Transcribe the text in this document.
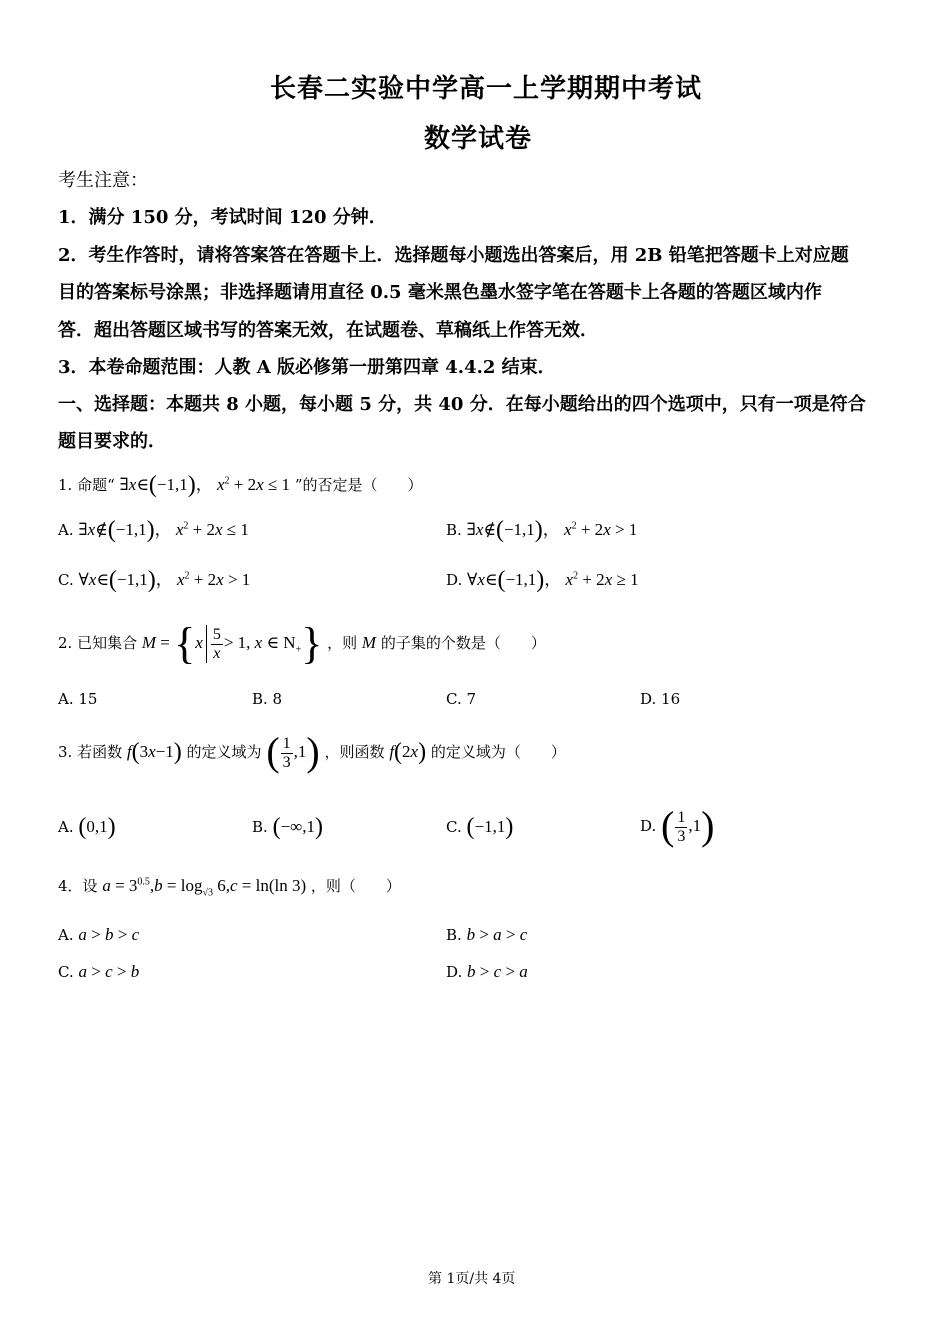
长春二实验中学高一上学期期中考试
数学试卷
考生注意：
1．满分 150 分，考试时间 120 分钟．
2．考生作答时，请将答案答在答题卡上．选择题每小题选出答案后，用 2B 铅笔把答题卡上对应题
目的答案标号涂黑；非选择题请用直径 0.5 毫米黑色墨水签字笔在答题卡上各题的答题区域内作
答．超出答题区域书写的答案无效，在试题卷、草稿纸上作答无效．
3．本卷命题范围：人教 A 版必修第一册第四章 4.4.2 结束．
一、选择题：本题共 8 小题，每小题 5 分，共 40 分．在每小题给出的四个选项中，只有一项是符合
题目要求的．
1. 命题“ ∃x∈(−1,1)， $x^2 + 2x \le 1$ ”的否定是（　　）
A. ∃x∉(−1,1)， $x^2 + 2x \le 1$	B. ∃x∉(−1,1)， $x^2 + 2x > 1$
C. ∀x∈(−1,1)， $x^2 + 2x > 1$	D. ∀x∈(−1,1)， $x^2 + 2x \ge 1$
2. 已知集合 $M = \{x \frac{5}{x} > 1$, x ∈ $N_+$} ，则 M 的子集的个数是（　　）
A. 15	B. 8	C. 7	D. 16
3. 若函数 f(3x−1) 的定义域为 ( $\frac{1}{3} ,1$) ，则函数 f(2x) 的定义域为（　　）
A. (0,1)	B. (−∞,1)	C. (−1,1)	D. ( $\frac{1}{3} ,1$)
4．设 $a = 3^{0.5},b = \log_{√3} 6,c = \ln(\ln$ 3) ，则（　　）
A. a > b > c	B. b > a > c
C. a > c > b	D. b > c > a
第 1页/共 4页
